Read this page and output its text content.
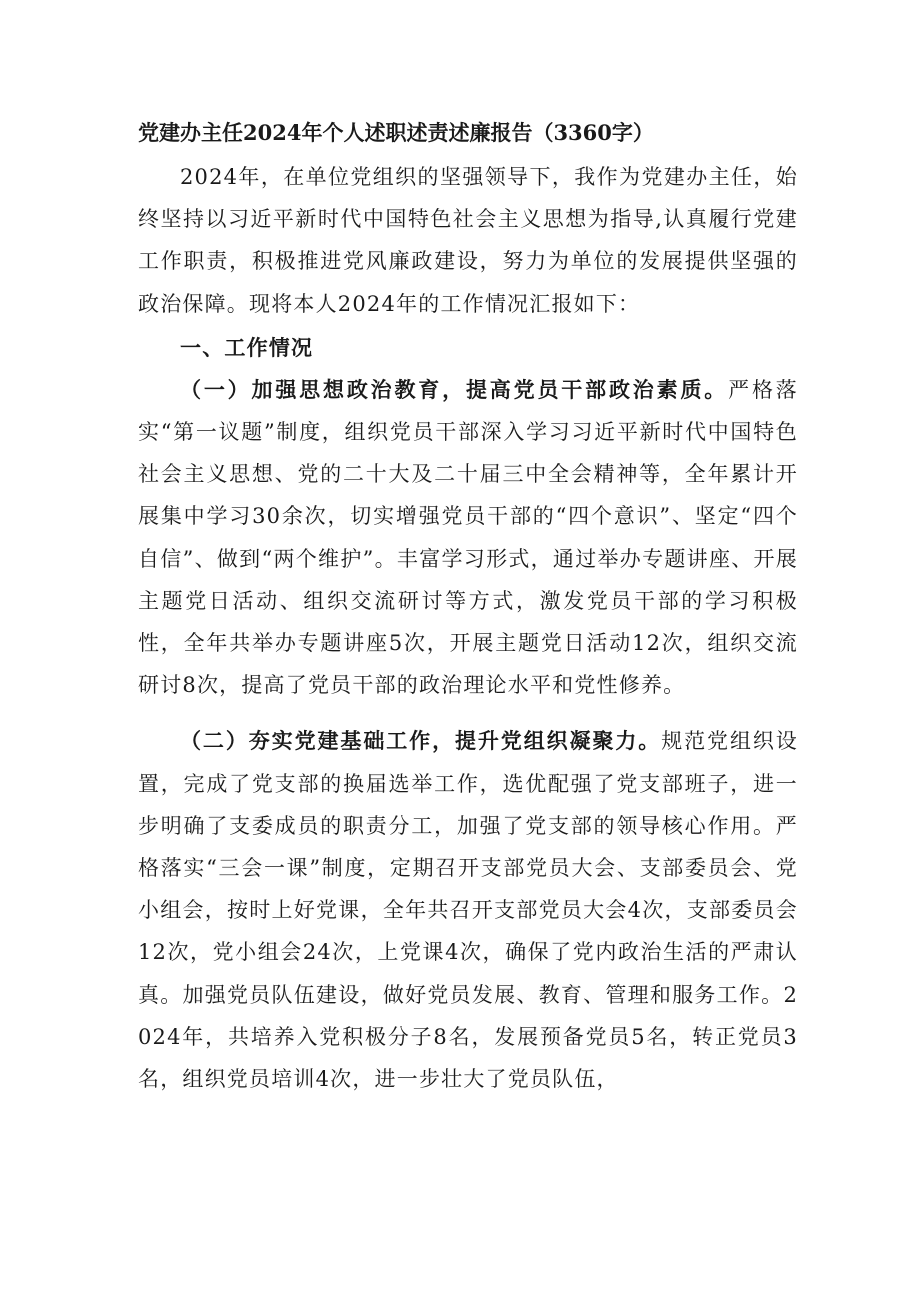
党建办主任2024年个人述职述责述廉报告（3360字）

2024年，在单位党组织的坚强领导下，我作为党建办主任，始终坚持以习近平新时代中国特色社会主义思想为指导,认真履行党建工作职责，积极推进党风廉政建设，努力为单位的发展提供坚强的政治保障。现将本人2024年的工作情况汇报如下：

一、工作情况

（一）加强思想政治教育，提高党员干部政治素质。严格落实“第一议题”制度，组织党员干部深入学习习近平新时代中国特色社会主义思想、党的二十大及二十届三中全会精神等，全年累计开展集中学习30余次，切实增强党员干部的“四个意识”、坚定“四个自信”、做到“两个维护”。丰富学习形式，通过举办专题讲座、开展主题党日活动、组织交流研讨等方式，激发党员干部的学习积极性，全年共举办专题讲座5次，开展主题党日活动12次，组织交流研讨8次，提高了党员干部的政治理论水平和党性修养。

（二）夯实党建基础工作，提升党组织凝聚力。规范党组织设置，完成了党支部的换届选举工作，选优配强了党支部班子，进一步明确了支委成员的职责分工，加强了党支部的领导核心作用。严格落实“三会一课”制度，定期召开支部党员大会、支部委员会、党小组会，按时上好党课，全年共召开支部党员大会4次，支部委员会12次，党小组会24次，上党课4次，确保了党内政治生活的严肃认真。加强党员队伍建设，做好党员发展、教育、管理和服务工作。2024年，共培养入党积极分子8名，发展预备党员5名，转正党员3名，组织党员培训4次，进一步壮大了党员队伍，
